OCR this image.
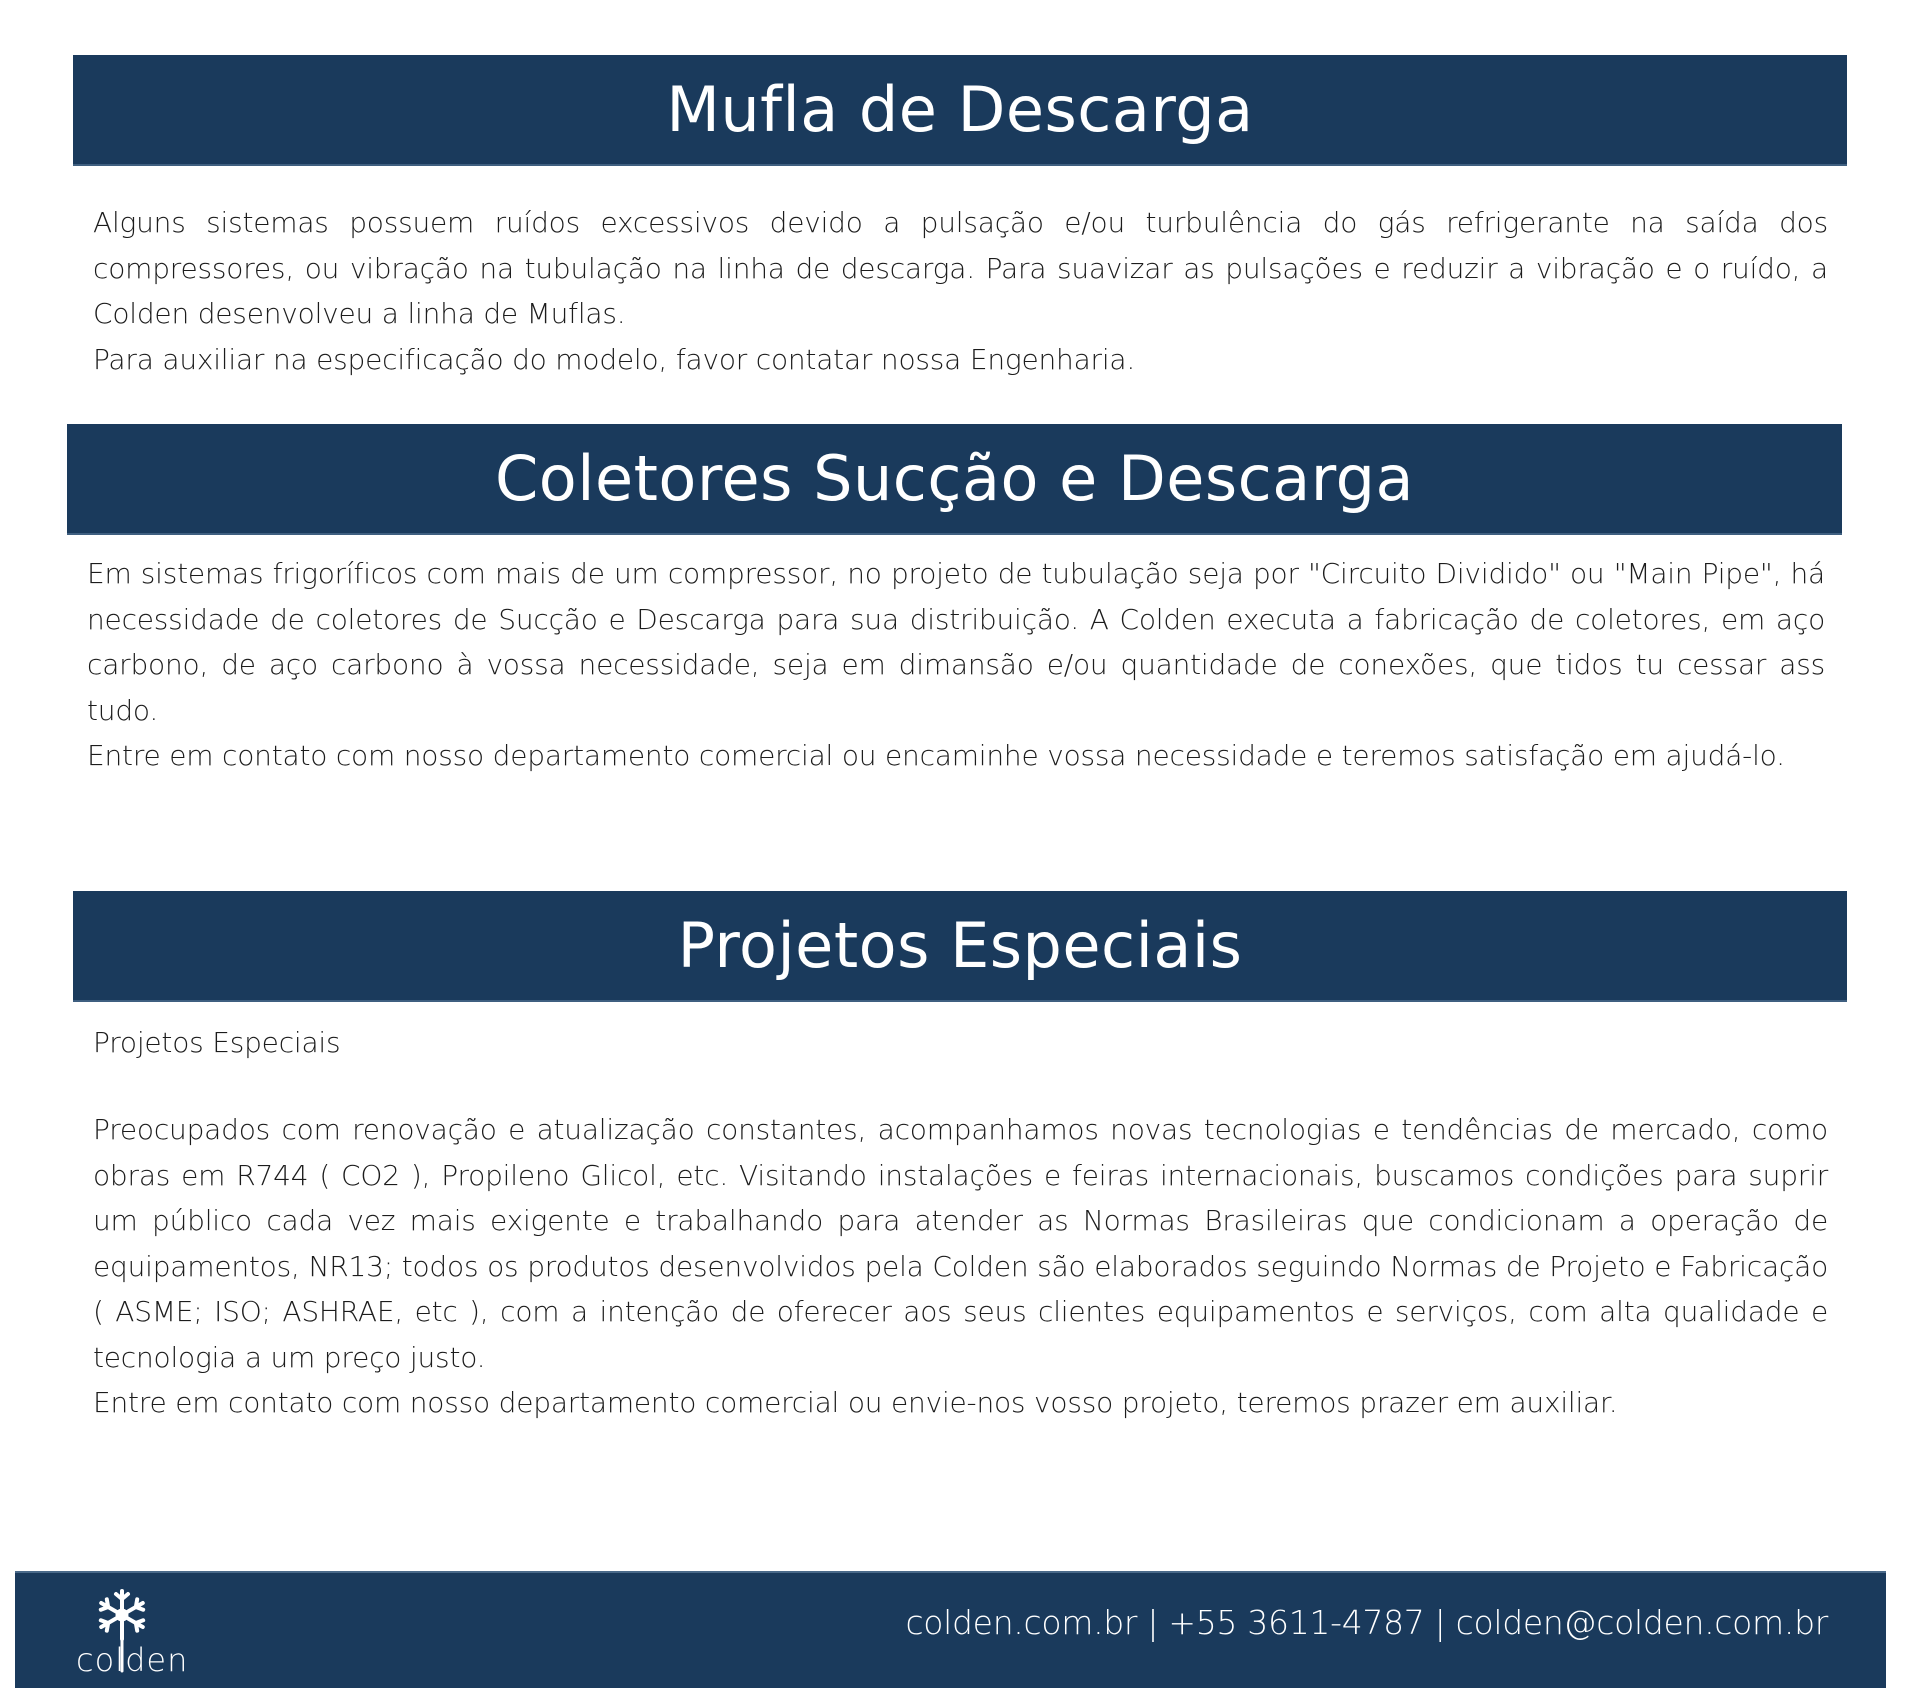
Mufla de Descarga

Alguns sistemas possuem ruídos excessivos devido a pulsação e/ou turbulência do gás refrigerante na saída dos compressores, ou vibração na tubulação na linha de descarga. Para suavizar as pulsações e reduzir a vibração e o ruído, a Colden desenvolveu a linha de Muflas.

Para auxiliar na especificação do modelo, favor contatar nossa Engenharia.

Coletores Sucção e Descarga

Em sistemas frigoríficos com mais de um compressor, no projeto de tubulação seja por "Circuito Dividido" ou "Main Pipe", há necessidade de coletores de Sucção e Descarga para sua distribuição. A Colden executa a fabricação de coletores, em aço carbono, de aço carbono à vossa necessidade, seja em dimansão e/ou quantidade de conexões, que tidos tu cessar ass tudo.

Entre em contato com nosso departamento comercial ou encaminhe vossa necessidade e teremos satisfação em ajudá-lo.

Projetos Especiais

Projetos Especiais

Preocupados com renovação e atualização constantes, acompanhamos novas tecnologias e tendências de mercado, como obras em R744 ( CO2 ), Propileno Glicol, etc. Visitando instalações e feiras internacionais, buscamos condições para suprir um público cada vez mais exigente e trabalhando para atender as Normas Brasileiras que condicionam a operação de equipamentos, NR13; todos os produtos desenvolvidos pela Colden são elaborados seguindo Normas de Projeto e Fabricação ( ASME; ISO; ASHRAE, etc ), com a intenção de oferecer aos seus clientes equipamentos e serviços, com alta qualidade e tecnologia a um preço justo.

Entre em contato com nosso departamento comercial ou envie-nos vosso projeto, teremos prazer em auxiliar.

colden
colden.com.br | +55 3611-4787 | colden@colden.com.br
